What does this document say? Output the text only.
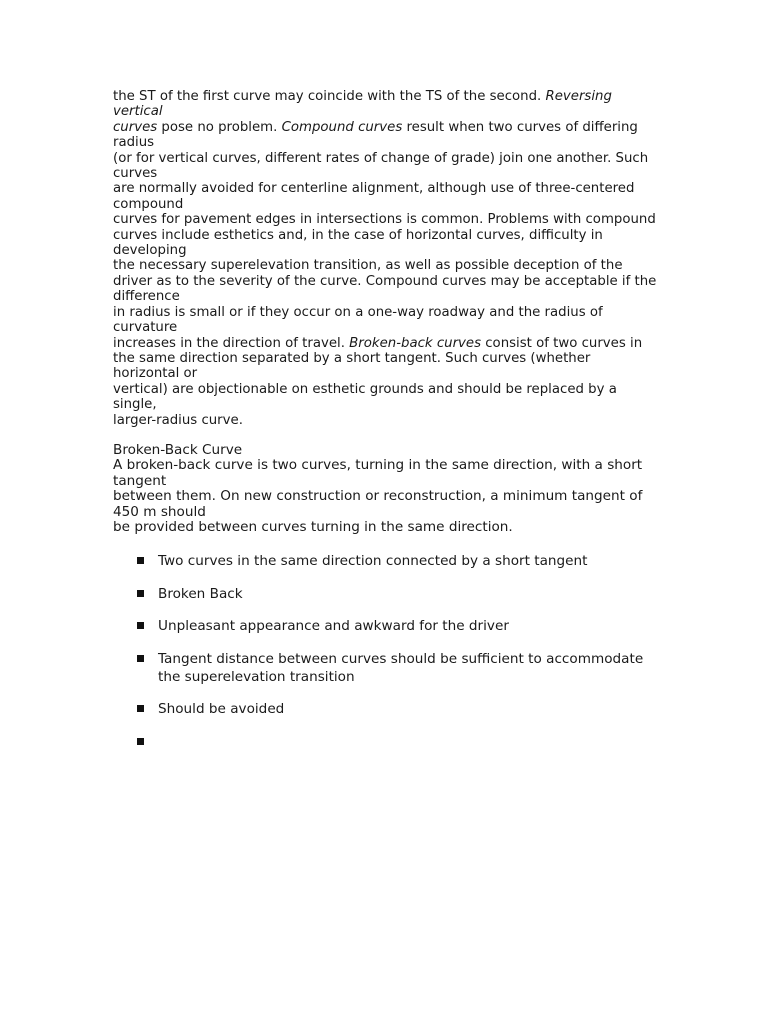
the ST of the first curve may coincide with the TS of the second. Reversing
vertical
curves pose no problem. Compound curves result when two curves of differing
radius
(or for vertical curves, different rates of change of grade) join one another. Such
curves
are normally avoided for centerline alignment, although use of three-centered
compound
curves for pavement edges in intersections is common. Problems with compound
curves include esthetics and, in the case of horizontal curves, difficulty in
developing
the necessary superelevation transition, as well as possible deception of the
driver as to the severity of the curve. Compound curves may be acceptable if the
difference
in radius is small or if they occur on a one-way roadway and the radius of
curvature
increases in the direction of travel. Broken-back curves consist of two curves in
the same direction separated by a short tangent. Such curves (whether
horizontal or
vertical) are objectionable on esthetic grounds and should be replaced by a
single,
larger-radius curve.
Broken-Back Curve
A broken-back curve is two curves, turning in the same direction, with a short
tangent
between them. On new construction or reconstruction, a minimum tangent of
450 m should
be provided between curves turning in the same direction.
Two curves in the same direction connected by a short tangent
Broken Back
Unpleasant appearance and awkward for the driver
Tangent distance between curves should be sufficient to accommodate
the superelevation transition
Should be avoided
